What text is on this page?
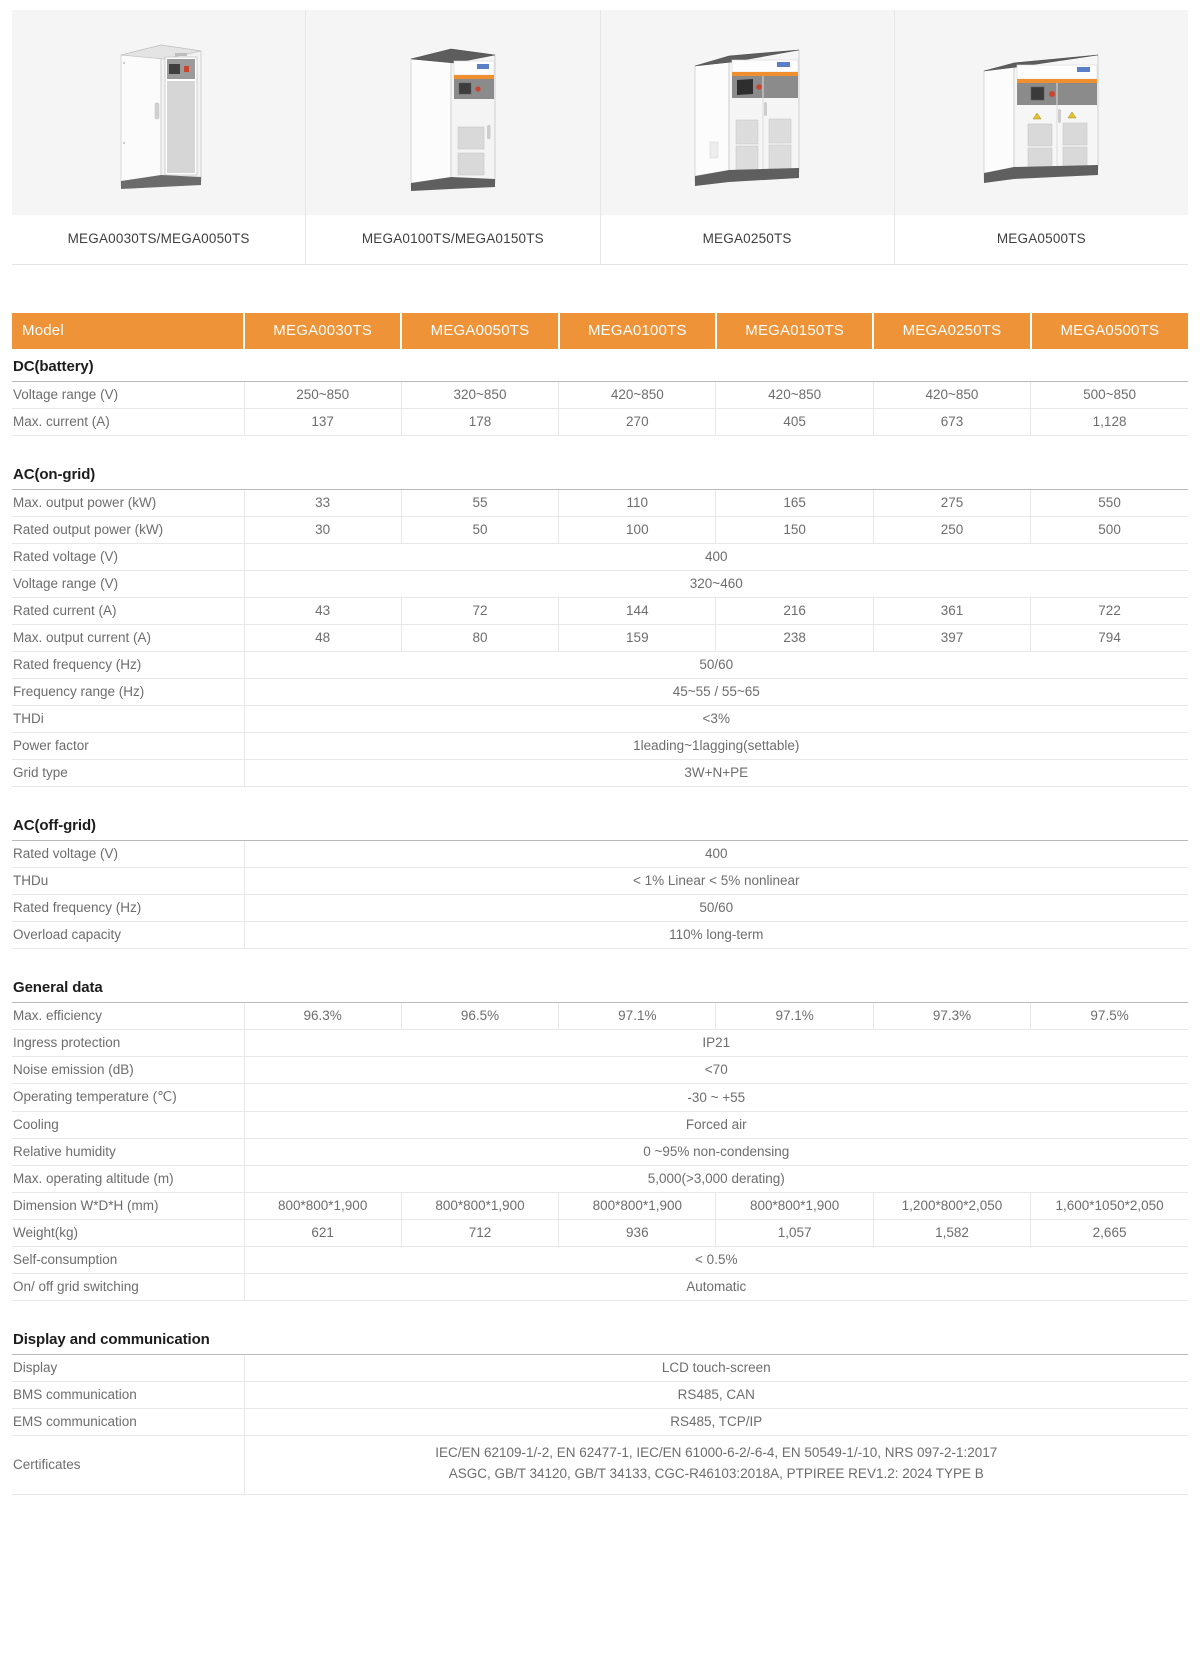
MEGA0030TS/MEGA0050TS	MEGA0100TS/MEGA0150TS	MEGA0250TS	MEGA0500TS
Model	MEGA0030TS	MEGA0050TS	MEGA0100TS	MEGA0150TS	MEGA0250TS	MEGA0500TS
DC(battery)						

Voltage range (V)	250~850	320~850	420~850	420~850	420~850	500~850
Max. current (A)	137	178	270	405	673	1,128

AC(on-grid)						

Max. output power (kW)	33	55	110	165	275	550
Rated output power (kW)	30	50	100	150	250	500
Rated voltage (V)	400					
Voltage range (V)	320~460					
Rated current (A)	43	72	144	216	361	722
Max. output current (A)	48	80	159	238	397	794
Rated frequency (Hz)	50/60					
Frequency range (Hz)	45~55 / 55~65					
THDi	<3%					
Power factor	1leading~1lagging(settable)					
Grid type	3W+N+PE					

AC(off-grid)						

Rated voltage (V)	400					
THDu	< 1% Linear < 5% nonlinear					
Rated frequency (Hz)	50/60					
Overload capacity	110% long-term					

General data						

Max. efficiency	96.3%	96.5%	97.1%	97.1%	97.3%	97.5%
Ingress protection	IP21					
Noise emission (dB)	<70					
Operating temperature (℃)	-30 ~ +55					
Cooling	Forced air					
Relative humidity	0 ~95% non-condensing					
Max. operating altitude (m)	5,000(>3,000 derating)					
Dimension W*D*H (mm)	800*800*1,900	800*800*1,900	800*800*1,900	800*800*1,900	1,200*800*2,050	1,600*1050*2,050
Weight(kg)	621	712	936	1,057	1,582	2,665
Self-consumption	< 0.5%					
On/ off grid switching	Automatic					

Display and communication						

Display	LCD touch-screen					
BMS communication	RS485, CAN					
EMS communication	RS485, TCP/IP					
Certificates	IEC/EN 62109-1/-2, EN 62477-1, IEC/EN 61000-6-2/-6-4, EN 50549-1/-10, NRS 097-2-1:2017
ASGC, GB/T 34120, GB/T 34133, CGC-R46103:2018A, PTPIREE REV1.2: 2024 TYPE B					
